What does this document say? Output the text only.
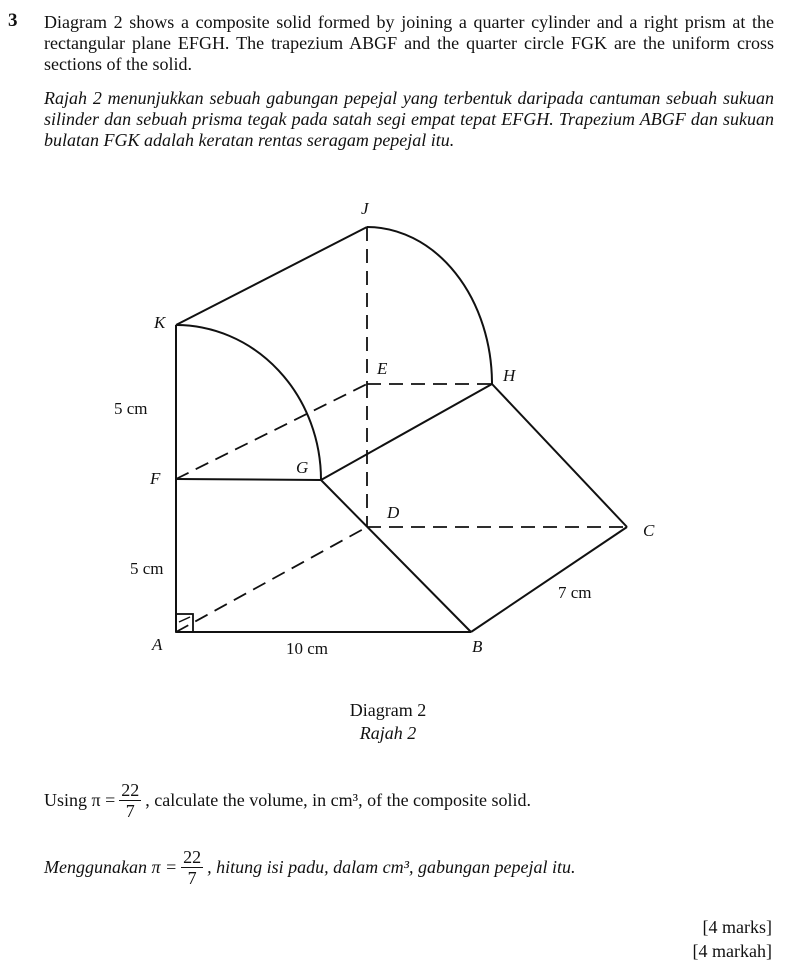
3 Diagram 2 shows a composite solid formed by joining a quarter cylinder and a right prism at the rectangular plane EFGH. The trapezium ABGF and the quarter circle FGK are the uniform cross sections of the solid.
Rajah 2 menunjukkan sebuah gabungan pepejal yang terbentuk daripada cantuman sebuah sukuan silinder dan sebuah prisma tegak pada satah segi empat tepat EFGH. Trapezium ABGF dan sukuan bulatan FGK adalah keratan rentas seragam pepejal itu.
J
K
E	H
F
G
D
C
A	B
5 cm
5 cm
10 cm
7 cm
Diagram 2
Rajah 2
Using $\pi = \frac{22}{7}$ , calculate the volume, in cm³, of the composite solid.
Menggunakan $\pi = \frac{22}{7}$ , hitung isi padu, dalam cm³, gabungan pepejal itu.
[4 marks]
[4 markah]
